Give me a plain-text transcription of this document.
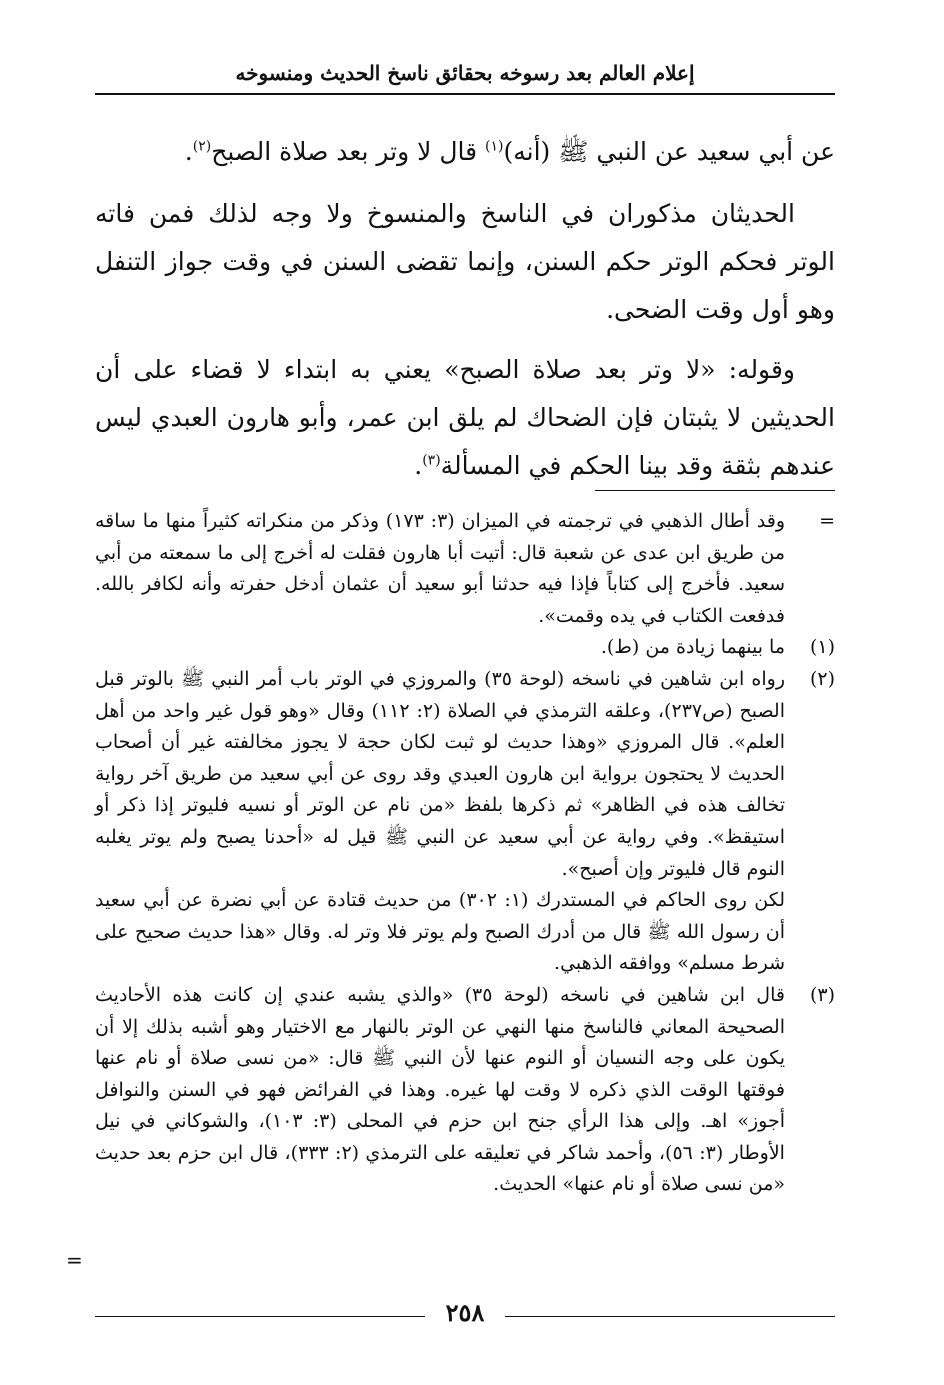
إعلام العالم بعد رسوخه بحقائق ناسخ الحديث ومنسوخه

عن أبي سعيد عن النبي ﷺ (أنه)$^{(١)}$ قال لا وتر بعد صلاة الصبح$^{(٢)}$.

الحديثان مذكوران في الناسخ والمنسوخ ولا وجه لذلك فمن فاته الوتر فحكم الوتر حكم السنن، وإنما تقضى السنن في وقت جواز التنفل وهو أول وقت الضحى.

وقوله: «لا وتر بعد صلاة الصبح» يعني به ابتداء لا قضاء على أن الحديثين لا يثبتان فإن الضحاك لم يلق ابن عمر، وأبو هارون العبدي ليس عندهم بثقة وقد بينا الحكم في المسألة$^{(٣)}$.

=
وقد أطال الذهبي في ترجمته في الميزان (٣: ١٧٣) وذكر من منكراته كثيراً منها ما ساقه من طريق ابن عدى عن شعبة قال: أتيت أبا هارون فقلت له أخرج إلى ما سمعته من أبي سعيد. فأخرج إلى كتاباً فإذا فيه حدثنا أبو سعيد أن عثمان أدخل حفرته وأنه لكافر بالله. فدفعت الكتاب في يده وقمت».
(١)
ما بينهما زيادة من (ط).
(٢)

رواه ابن شاهين في ناسخه (لوحة ٣٥) والمروزي في الوتر باب أمر النبي ﷺ بالوتر قبل الصبح (ص٢٣٧)، وعلقه الترمذي في الصلاة (٢: ١١٢) وقال «وهو قول غير واحد من أهل العلم». قال المروزي «وهذا حديث لو ثبت لكان حجة لا يجوز مخالفته غير أن أصحاب الحديث لا يحتجون برواية ابن هارون العبدي وقد روى عن أبي سعيد من طريق آخر رواية تخالف هذه في الظاهر» ثم ذكرها بلفظ «من نام عن الوتر أو نسيه فليوتر إذا ذكر أو استيقظ». وفي رواية عن أبي سعيد عن النبي ﷺ قيل له «أحدنا يصبح ولم يوتر يغلبه النوم قال فليوتر وإن أصبح».

لكن روى الحاكم في المستدرك (١: ٣٠٢) من حديث قتادة عن أبي نضرة عن أبي سعيد أن رسول الله ﷺ قال من أدرك الصبح ولم يوتر فلا وتر له. وقال «هذا حديث صحيح على شرط مسلم» ووافقه الذهبي.

(٣)
قال ابن شاهين في ناسخه (لوحة ٣٥) «والذي يشبه عندي إن كانت هذه الأحاديث الصحيحة المعاني فالناسخ منها النهي عن الوتر بالنهار مع الاختيار وهو أشبه بذلك إلا أن يكون على وجه النسيان أو النوم عنها لأن النبي ﷺ قال: «من نسى صلاة أو نام عنها فوقتها الوقت الذي ذكره لا وقت لها غيره. وهذا في الفرائض فهو في السنن والنوافل أجوز» اهـ. وإلى هذا الرأي جنح ابن حزم في المحلى (٣: ١٠٣)، والشوكاني في نيل الأوطار (٣: ٥٦)، وأحمد شاكر في تعليقه على الترمذي (٢: ٣٣٣)، قال ابن حزم بعد حديث «من نسى صلاة أو نام عنها» الحديث.
=
٢٥٨
